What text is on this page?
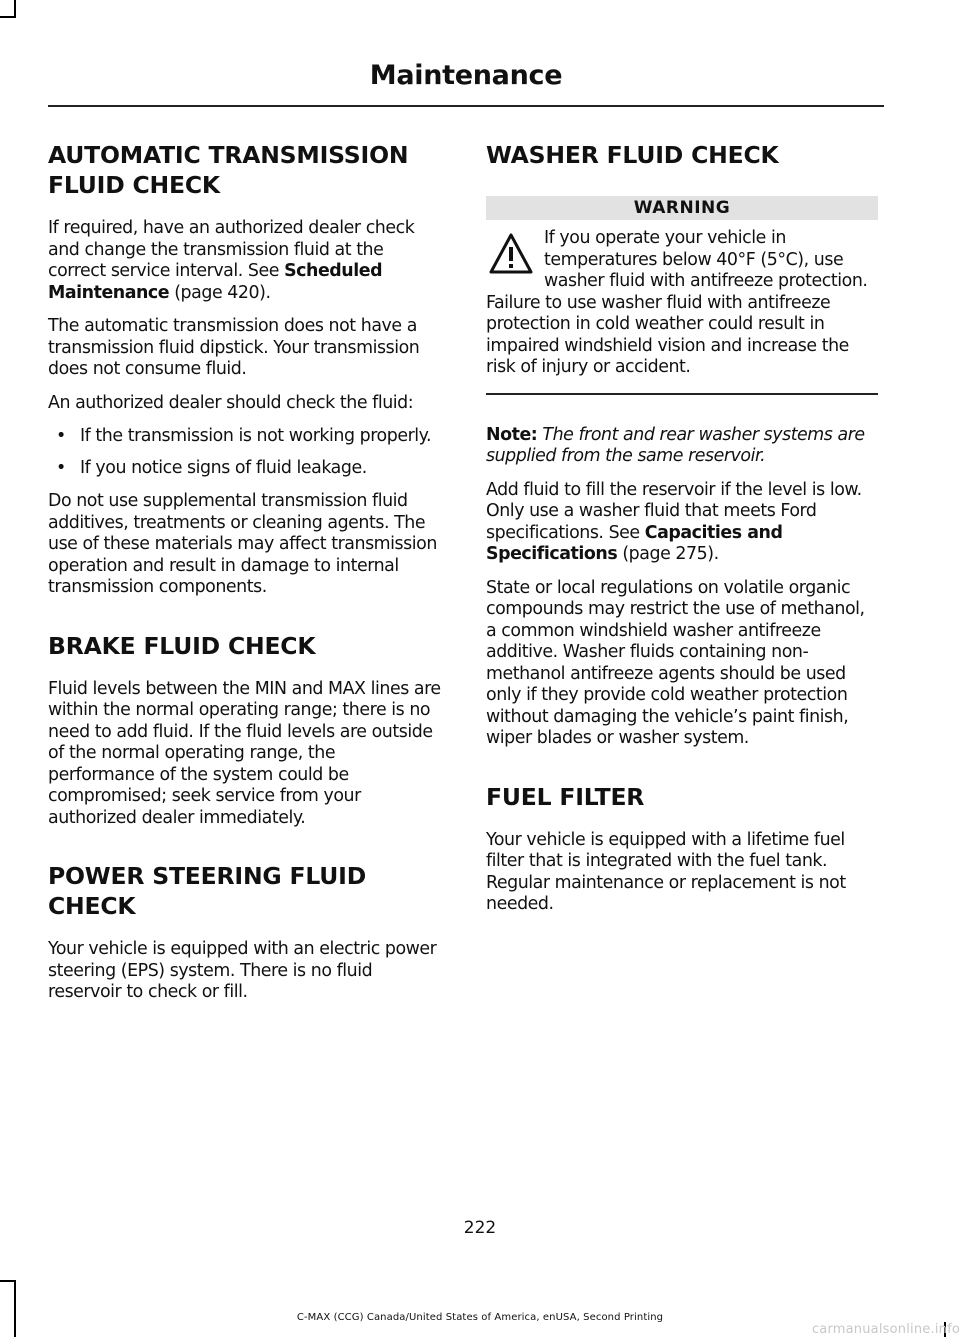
Maintenance
AUTOMATIC TRANSMISSION
FLUID CHECK

If required, have an authorized dealer check and change the transmission fluid at the correct service interval. See Scheduled Maintenance (page 420).

The automatic transmission does not have a transmission fluid dipstick. Your transmission does not consume fluid.

An authorized dealer should check the fluid:

• If the transmission is not working properly.
• If you notice signs of fluid leakage.

Do not use supplemental transmission fluid additives, treatments or cleaning agents. The use of these materials may affect transmission operation and result in damage to internal transmission components.

BRAKE FLUID CHECK

Fluid levels between the MIN and MAX lines are within the normal operating range; there is no need to add fluid. If the fluid levels are outside of the normal operating range, the performance of the system could be compromised; seek service from your authorized dealer immediately.

POWER STEERING FLUID
CHECK

Your vehicle is equipped with an electric power steering (EPS) system. There is no fluid reservoir to check or fill.

WASHER FLUID CHECK
WARNING

If you operate your vehicle in temperatures below 40°F (5°C), use washer fluid with antifreeze protection. Failure to use washer fluid with antifreeze protection in cold weather could result in impaired windshield vision and increase the risk of injury or accident.

Note: The front and rear washer systems are supplied from the same reservoir.

Add fluid to fill the reservoir if the level is low. Only use a washer fluid that meets Ford specifications. See Capacities and Specifications (page 275).

State or local regulations on volatile organic compounds may restrict the use of methanol, a common windshield washer antifreeze additive. Washer fluids containing non-methanol antifreeze agents should be used only if they provide cold weather protection without damaging the vehicle’s paint finish, wiper blades or washer system.

FUEL FILTER

Your vehicle is equipped with a lifetime fuel filter that is integrated with the fuel tank. Regular maintenance or replacement is not needed.

222
C-MAX (CCG) Canada/United States of America, enUSA, Second Printing
carmanualsonline.info
